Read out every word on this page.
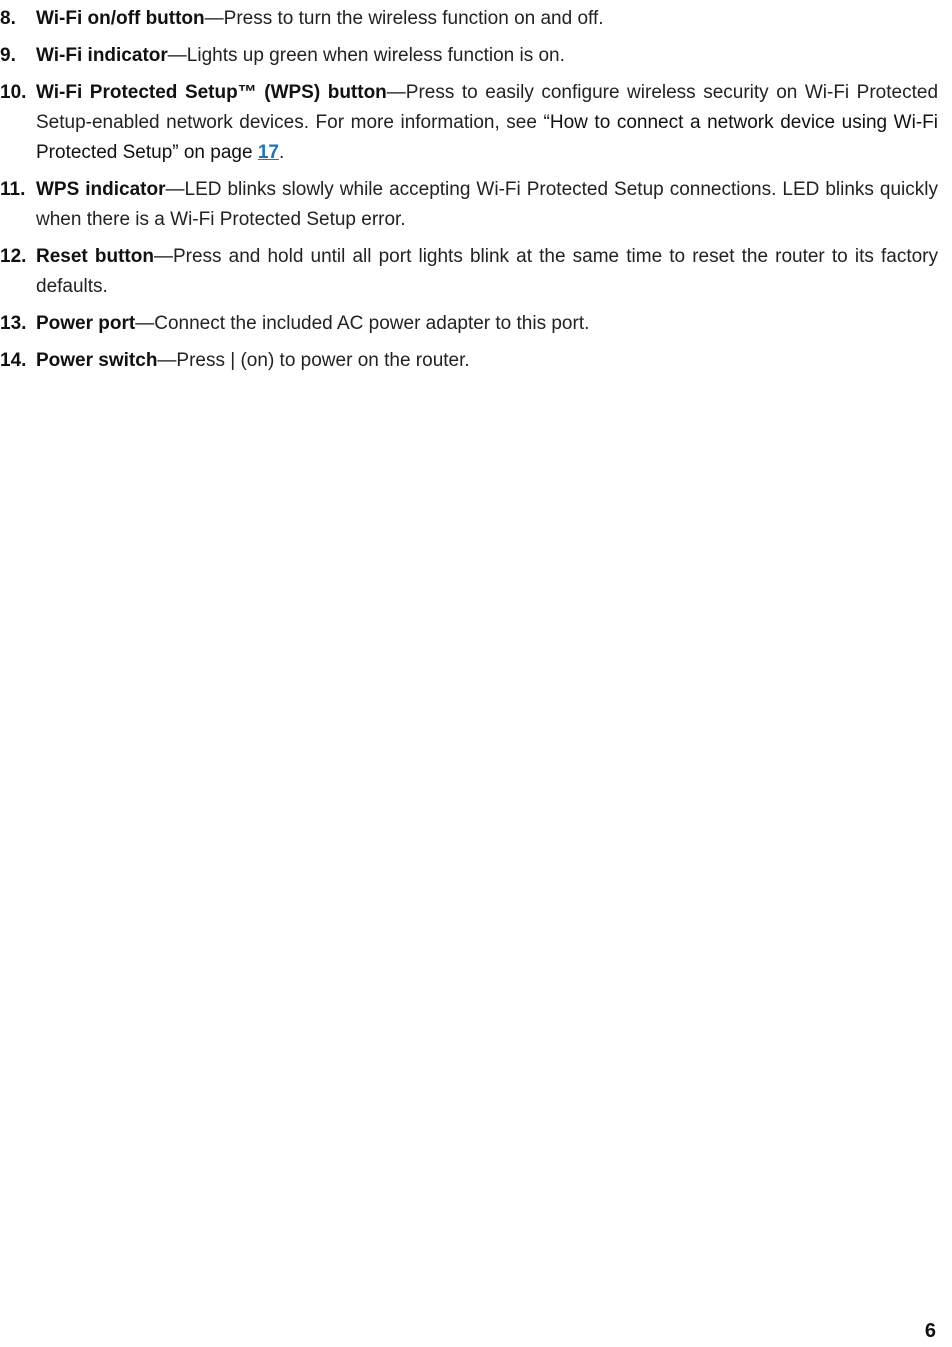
8. Wi-Fi on/off button—Press to turn the wireless function on and off.
9. Wi-Fi indicator—Lights up green when wireless function is on.
10. Wi-Fi Protected Setup™ (WPS) button—Press to easily configure wireless security on Wi-Fi Protected Setup-enabled network devices. For more information, see “How to connect a network device using Wi-Fi Protected Setup” on page 17.
11. WPS indicator—LED blinks slowly while accepting Wi-Fi Protected Setup connections. LED blinks quickly when there is a Wi-Fi Protected Setup error.
12. Reset button—Press and hold until all port lights blink at the same time to reset the router to its factory defaults.
13. Power port—Connect the included AC power adapter to this port.
14. Power switch—Press | (on) to power on the router.
6
